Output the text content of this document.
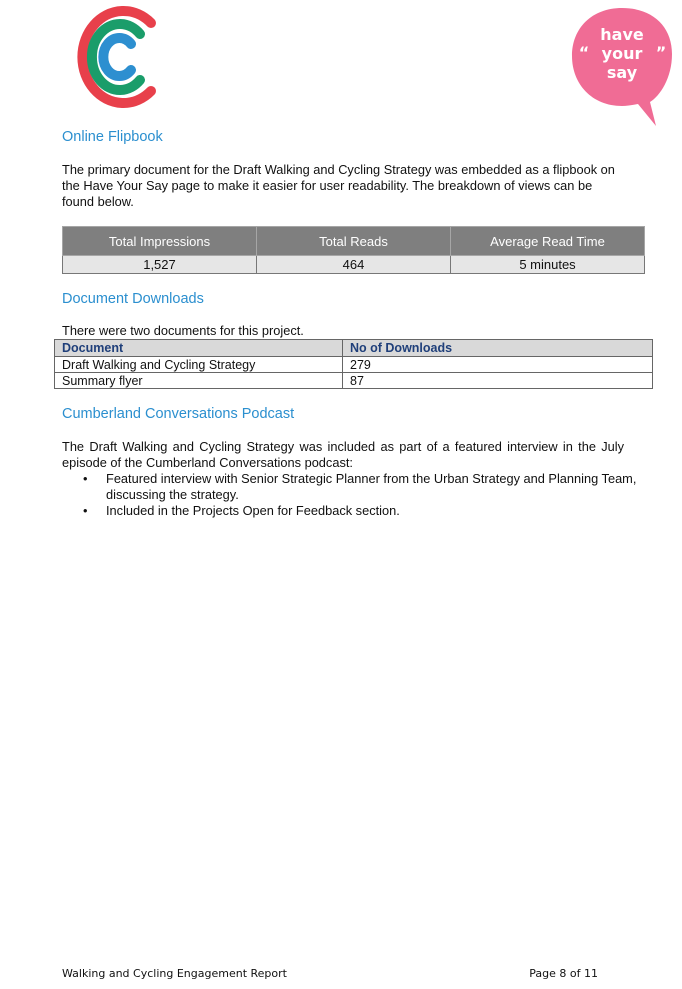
have
your
say
“	”
Online Flipbook

The primary document for the Draft Walking and Cycling Strategy was embedded as a flipbook on the Have Your Say page to make it easier for user readability. The breakdown of views can be found below.

Total Impressions	Total Reads	Average Read Time
1,527	464	5 minutes
Document Downloads

There were two documents for this project.

Document	No of Downloads
Draft Walking and Cycling Strategy	279
Summary flyer	87
Cumberland Conversations Podcast

The Draft Walking and Cycling Strategy was included as part of a featured interview in the July episode of the Cumberland Conversations podcast:

• Featured interview with Senior Strategic Planner from the Urban Strategy and Planning Team, discussing the strategy.
• Included in the Projects Open for Feedback section.
Walking and Cycling Engagement Report	Page 8 of 11
